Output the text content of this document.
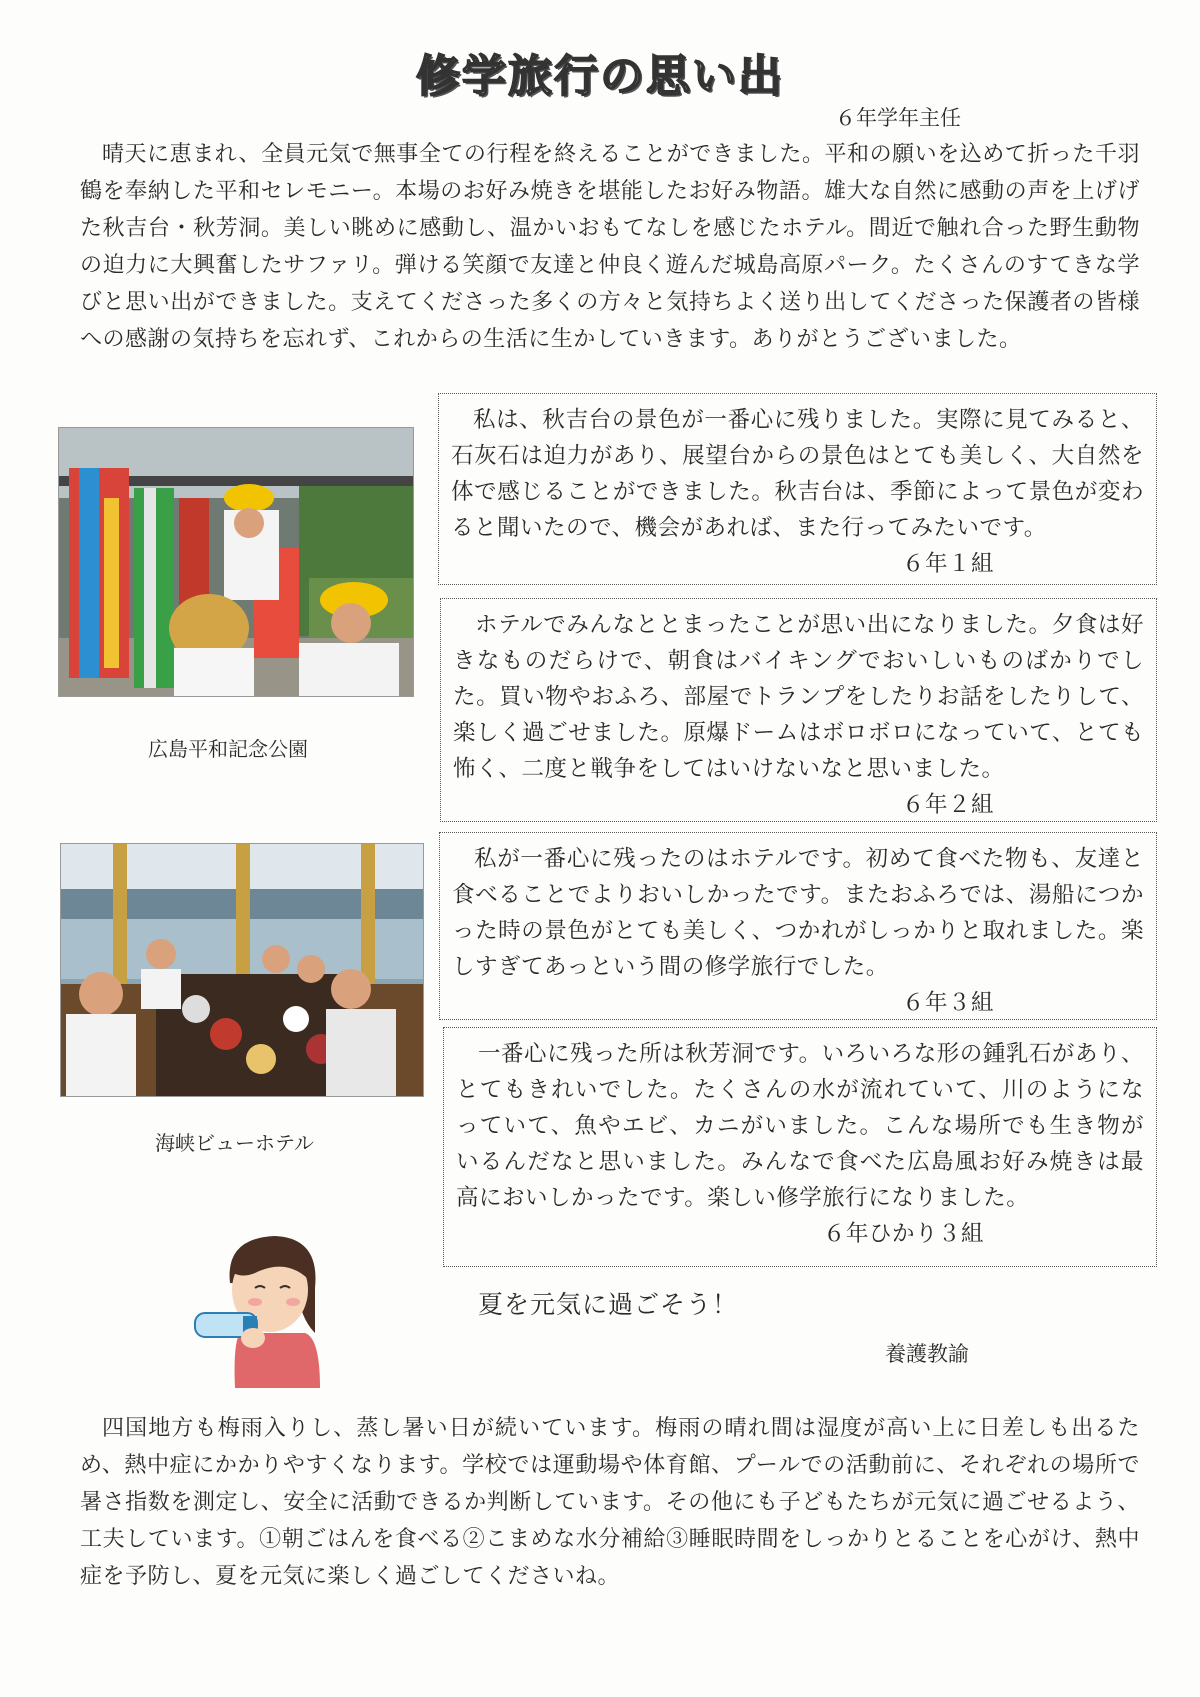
修学旅行の思い出
６年学年主任
晴天に恵まれ、全員元気で無事全ての行程を終えることができました。平和の願いを込めて折った千羽鶴を奉納した平和セレモニー。本場のお好み焼きを堪能したお好み物語。雄大な自然に感動の声を上げげた秋吉台・秋芳洞。美しい眺めに感動し、温かいおもてなしを感じたホテル。間近で触れ合った野生動物の迫力に大興奮したサファリ。弾ける笑顔で友達と仲良く遊んだ城島高原パーク。たくさんのすてきな学びと思い出ができました。支えてくださった多くの方々と気持ちよく送り出してくださった保護者の皆様への感謝の気持ちを忘れず、これからの生活に生かしていきます。ありがとうございました。
広島平和記念公園
海峡ビューホテル
私は、秋吉台の景色が一番心に残りました。実際に見てみると、石灰石は迫力があり、展望台からの景色はとても美しく、大自然を体で感じることができました。秋吉台は、季節によって景色が変わると聞いたので、機会があれば、また行ってみたいです。
６年１組
ホテルでみんなととまったことが思い出になりました。夕食は好きなものだらけで、朝食はバイキングでおいしいものばかりでした。買い物やおふろ、部屋でトランプをしたりお話をしたりして、楽しく過ごせました。原爆ドームはボロボロになっていて、とても怖く、二度と戦争をしてはいけないなと思いました。
６年２組
私が一番心に残ったのはホテルです。初めて食べた物も、友達と食べることでよりおいしかったです。またおふろでは、湯船につかった時の景色がとても美しく、つかれがしっかりと取れました。楽しすぎてあっという間の修学旅行でした。
６年３組
一番心に残った所は秋芳洞です。いろいろな形の鍾乳石があり、とてもきれいでした。たくさんの水が流れていて、川のようになっていて、魚やエビ、カニがいました。こんな場所でも生き物がいるんだなと思いました。みんなで食べた広島風お好み焼きは最高においしかったです。楽しい修学旅行になりました。
６年ひかり３組
夏を元気に過ごそう！
養護教諭
四国地方も梅雨入りし、蒸し暑い日が続いています。梅雨の晴れ間は湿度が高い上に日差しも出るため、熱中症にかかりやすくなります。学校では運動場や体育館、プールでの活動前に、それぞれの場所で暑さ指数を測定し、安全に活動できるか判断しています。その他にも子どもたちが元気に過ごせるよう、工夫しています。①朝ごはんを食べる②こまめな水分補給③睡眠時間をしっかりとることを心がけ、熱中症を予防し、夏を元気に楽しく過ごしてくださいね。
